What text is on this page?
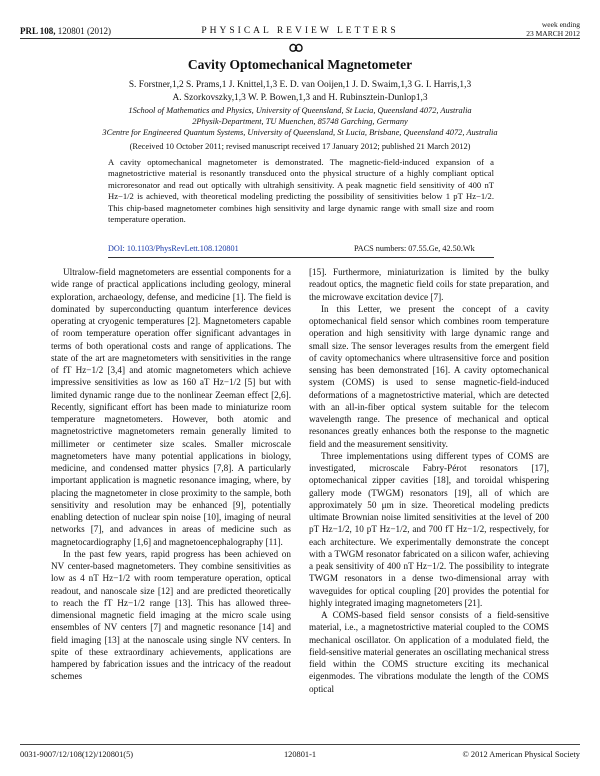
PRL 108, 120801 (2012)	PHYSICAL REVIEW LETTERS
week ending
23 MARCH 2012
Cavity Optomechanical Magnetometer
S. Forstner,1,2 S. Prams,1 J. Knittel,1,3 E. D. van Ooijen,1 J. D. Swaim,1,3 G. I. Harris,1,3
A. Szorkovszky,1,3 W. P. Bowen,1,3 and H. Rubinsztein-Dunlop1,3
1School of Mathematics and Physics, University of Queensland, St Lucia, Queensland 4072, Australia
2Physik-Department, TU Muenchen, 85748 Garching, Germany
3Centre for Engineered Quantum Systems, University of Queensland, St Lucia, Brisbane, Queensland 4072, Australia
(Received 10 October 2011; revised manuscript received 17 January 2012; published 21 March 2012)
A cavity optomechanical magnetometer is demonstrated. The magnetic-field-induced expansion of a magnetostrictive material is resonantly transduced onto the physical structure of a highly compliant optical microresonator and read out optically with ultrahigh sensitivity. A peak magnetic field sensitivity of 400 nT Hz−1/2 is achieved, with theoretical modeling predicting the possibility of sensitivities below 1 pT Hz−1/2. This chip-based magnetometer combines high sensitivity and large dynamic range with small size and room temperature operation.
DOI: 10.1103/PhysRevLett.108.120801	PACS numbers: 07.55.Ge, 42.50.Wk

Ultralow-field magnetometers are essential components for a wide range of practical applications including geology, mineral exploration, archaeology, defense, and medicine [1]. The field is dominated by superconducting quantum interference devices operating at cryogenic temperatures [2]. Magnetometers capable of room temperature operation offer significant advantages in terms of both operational costs and range of applications. The state of the art are magnetometers with sensitivities in the range of fT Hz−1/2 [3,4] and atomic magnetometers which achieve impressive sensitivities as low as 160 aT Hz−1/2 [5] but with limited dynamic range due to the nonlinear Zeeman effect [2,6]. Recently, significant effort has been made to miniaturize room temperature magnetometers. However, both atomic and magnetostrictive magnetometers remain generally limited to millimeter or centimeter size scales. Smaller microscale magnetometers have many potential applications in biology, medicine, and condensed matter physics [7,8]. A particularly important application is magnetic resonance imaging, where, by placing the magnetometer in close proximity to the sample, both sensitivity and resolution may be enhanced [9], potentially enabling detection of nuclear spin noise [10], imaging of neural networks [7], and advances in areas of medicine such as magnetocardiography [1,6] and magnetoencephalography [11].

In the past few years, rapid progress has been achieved on NV center-based magnetometers. They combine sensitivities as low as 4 nT Hz−1/2 with room temperature operation, optical readout, and nanoscale size [12] and are predicted theoretically to reach the fT Hz−1/2 range [13]. This has allowed three-dimensional magnetic field imaging at the micro scale using ensembles of NV centers [7] and magnetic resonance [14] and field imaging [13] at the nanoscale using single NV centers. In spite of these extraordinary achievements, applications are hampered by fabrication issues and the intricacy of the readout schemes

[15]. Furthermore, miniaturization is limited by the bulky readout optics, the magnetic field coils for state preparation, and the microwave excitation device [7].

In this Letter, we present the concept of a cavity optomechanical field sensor which combines room temperature operation and high sensitivity with large dynamic range and small size. The sensor leverages results from the emergent field of cavity optomechanics where ultrasensitive force and position sensing has been demonstrated [16]. A cavity optomechanical system (COMS) is used to sense magnetic-field-induced deformations of a magnetostrictive material, which are detected with an all-in-fiber optical system suitable for the telecom wavelength range. The presence of mechanical and optical resonances greatly enhances both the response to the magnetic field and the measurement sensitivity.

Three implementations using different types of COMS are investigated, microscale Fabry-Pérot resonators [17], optomechanical zipper cavities [18], and toroidal whispering gallery mode (TWGM) resonators [19], all of which are approximately 50 μm in size. Theoretical modeling predicts ultimate Brownian noise limited sensitivities at the level of 200 pT Hz−1/2, 10 pT Hz−1/2, and 700 fT Hz−1/2, respectively, for each architecture. We experimentally demonstrate the concept with a TWGM resonator fabricated on a silicon wafer, achieving a peak sensitivity of 400 nT Hz−1/2. The possibility to integrate TWGM resonators in a dense two-dimensional array with waveguides for optical coupling [20] provides the potential for highly integrated imaging magnetometers [21].

A COMS-based field sensor consists of a field-sensitive material, i.e., a magnetostrictive material coupled to the COMS mechanical oscillator. On application of a modulated field, the field-sensitive material generates an oscillating mechanical stress field within the COMS structure exciting its mechanical eigenmodes. The vibrations modulate the length of the COMS optical

0031-9007/12/108(12)/120801(5)	120801-1	© 2012 American Physical Society
